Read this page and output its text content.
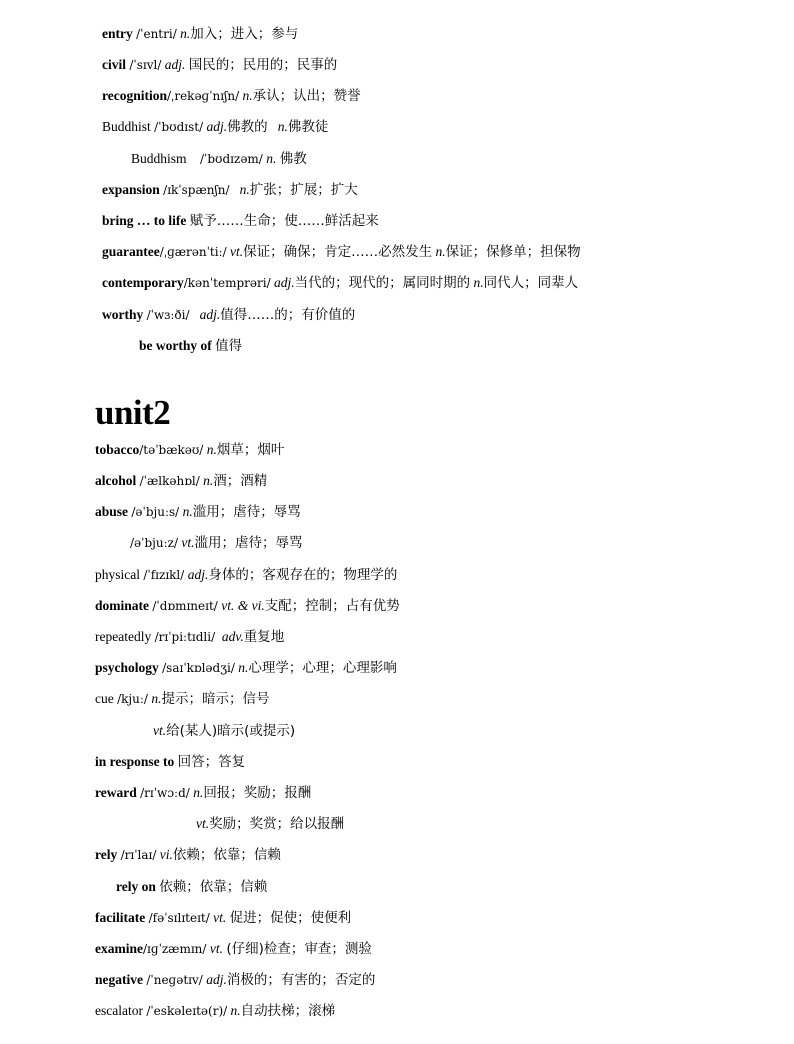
entry /ˈentri/ n.加入；进入；参与
civil /ˈsɪvl/ adj. 国民的；民用的；民事的
recognition/ˌrekəɡˈnɪʃn/ n.承认；认出；赞誉
Buddhist /ˈbʊdɪst/ adj.佛教的 n.佛教徒
Buddhism /ˈbʊdɪzəm/ n. 佛教
expansion /ɪkˈspænʃn/ n.扩张；扩展；扩大
bring … to life 赋予……生命；使……鲜活起来
guarantee/ˌɡærənˈtiː/ vt.保证；确保；肯定……必然发生 n.保证；保修单；担保物
contemporary/kənˈtemprəri/ adj.当代的；现代的；属同时期的 n.同代人；同辈人
worthy /ˈwɜːði/ adj.值得……的；有价值的
be worthy of 值得
unit2
tobacco/təˈbækəʊ/ n.烟草；烟叶
alcohol /ˈælkəhɒl/ n.酒；酒精
abuse /əˈbjuːs/ n.滥用；虐待；辱骂
/əˈbjuːz/ vt.滥用；虐待；辱骂
physical /ˈfɪzɪkl/ adj.身体的；客观存在的；物理学的
dominate /ˈdɒmɪneɪt/ vt. & vi.支配；控制；占有优势
repeatedly /rɪˈpiːtɪdli/ adv.重复地
psychology /saɪˈkɒlədʒi/ n.心理学；心理；心理影响
cue /kjuː/ n.提示；暗示；信号
vt.给(某人)暗示(或提示)
in response to 回答；答复
reward /rɪˈwɔːd/ n.回报；奖励；报酬
vt.奖励；奖赏；给以报酬
rely /rɪˈlaɪ/ vi.依赖；依靠；信赖
rely on 依赖；依靠；信赖
facilitate /fəˈsɪlɪteɪt/ vt. 促进；促使；使便利
examine/ɪɡˈzæmɪn/ vt. (仔细)检查；审查；测验
negative /ˈneɡətɪv/ adj.消极的；有害的；否定的
escalator /ˈeskəleɪtə(r)/ n.自动扶梯；滚梯
